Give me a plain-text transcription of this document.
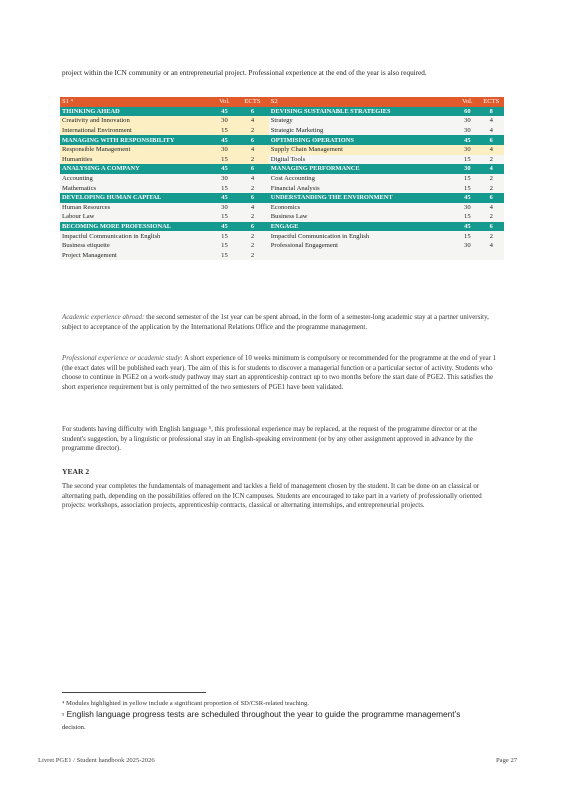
project within the ICN community or an entrepreneurial project. Professional experience at the end of the year is also required.
S1 ⁴	Vol.	ECTS	S2	Vol.	ECTS
THINKING AHEAD	45	6	DEVISING SUSTAINABLE STRATEGIES	60	8
Creativity and Innovation	30	4	Strategy	30	4
International Environment	15	2	Strategic Marketing	30	4
MANAGING WITH RESPONSIBILITY	45	6	OPTIMISING OPERATIONS	45	6
Responsible Management	30	4	Supply Chain Management	30	4
Humanities	15	2	Digital Tools	15	2
ANALYSING A COMPANY	45	6	MANAGING PERFORMANCE	30	4
Accounting	30	4	Cost Accounting	15	2
Mathematics	15	2	Financial Analysis	15	2
DEVELOPING HUMAN CAPITAL	45	6	UNDERSTANDING THE ENVIRONMENT	45	6
Human Resources	30	4	Economics	30	4
Labour Law	15	2	Business Law	15	2
BECOMING MORE PROFESSIONAL	45	6	ENGAGE	45	6
Impactful Communication in English	15	2	Impactful Communication in English	15	2
Business etiquette	15	2	Professional Engagement	30	4
Project Management	15	2			
Academic experience abroad: the second semester of the 1st year can be spent abroad, in the form of a semester-long academic stay at a partner university, subject to acceptance of the application by the International Relations Office and the programme management.
Professional experience or academic study: A short experience of 10 weeks minimum is compulsory or recommended for the programme at the end of year 1 (the exact dates will be published each year). The aim of this is for students to discover a managerial function or a particular sector of activity. Students who choose to continue in PGE2 on a work-study pathway may start an apprenticeship contract up to two months before the start date of PGE2. This satisfies the short experience requirement but is only permitted of the two semesters of PGE1 have been validated.
For students having difficulty with English language ⁵, this professional experience may be replaced, at the request of the programme director or at the student's suggestion, by a linguistic or professional stay in an English-speaking environment (or by any other assignment approved in advance by the programme director).
YEAR 2
The second year completes the fundamentals of management and tackles a field of management chosen by the student. It can be done on an classical or alternating path, depending on the possibilities offered on the ICN campuses. Students are encouraged to take part in a variety of professionally oriented projects: workshops, association projects, apprenticeship contracts, classical or alternating internships, and entrepreneurial projects.
⁴ Modules highlighted in yellow include a significant proportion of SD/CSR-related teaching.
⁵ English language progress tests are scheduled throughout the year to guide the programme management’s
decision.
Livret PGE1 / Student handbook 2025-2026	Page 27
